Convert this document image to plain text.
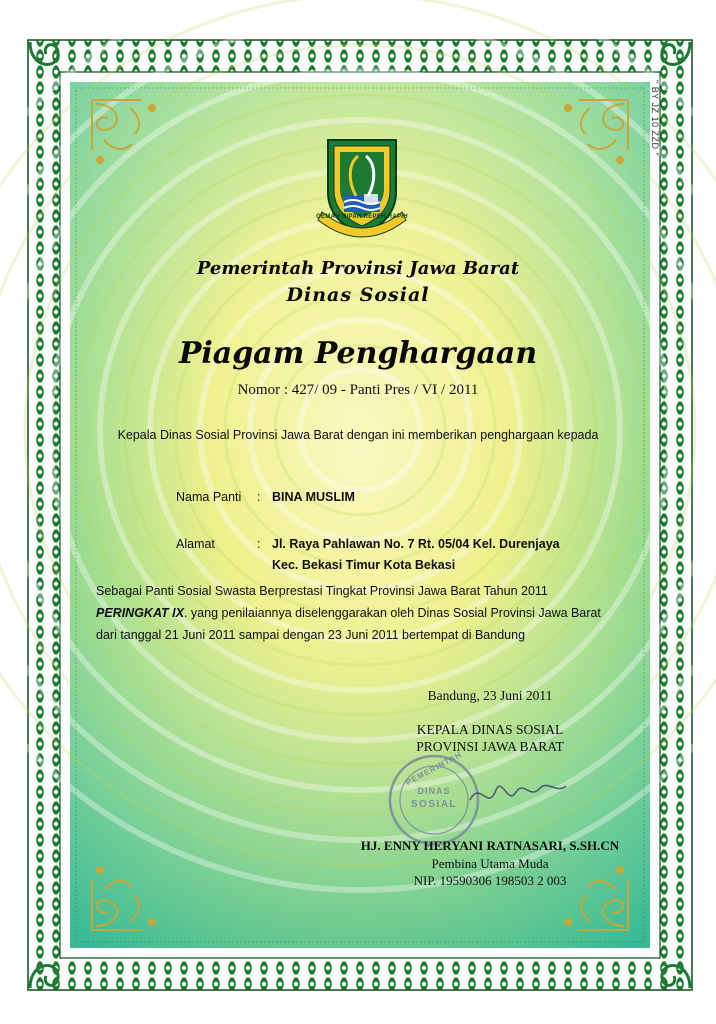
" BY JZ 10 ZZD "
GEMAH RIPAH REPEH RAPIH
Pemerintah Provinsi Jawa Barat
Dinas Sosial
Piagam Penghargaan
Nomor : 427/ 09 - Panti Pres / VI / 2011
Kepala Dinas Sosial Provinsi Jawa Barat dengan ini memberikan penghargaan kepada
Nama Panti : BINA MUSLIM
Alamat	: Jl. Raya Pahlawan No. 7 Rt. 05/04 Kel. Durenjaya
Kec. Bekasi Timur Kota Bekasi
Sebagai Panti Sosial Swasta Berprestasi Tingkat Provinsi Jawa Barat Tahun 2011
PERINGKAT IX. yang penilaiannya diselenggarakan oleh Dinas Sosial Provinsi Jawa Barat
dari tanggal 21 Juni 2011 sampai dengan 23 Juni 2011 bertempat di Bandung
Bandung, 23 Juni 2011
KEPALA DINAS SOSIAL
PROVINSI JAWA BARAT
PEMERINTAH
DINAS
SOSIAL
HJ. ENNY HERYANI RATNASARI, S.SH.CN
Pembina Utama Muda
NIP. 19590306 198503 2 003
